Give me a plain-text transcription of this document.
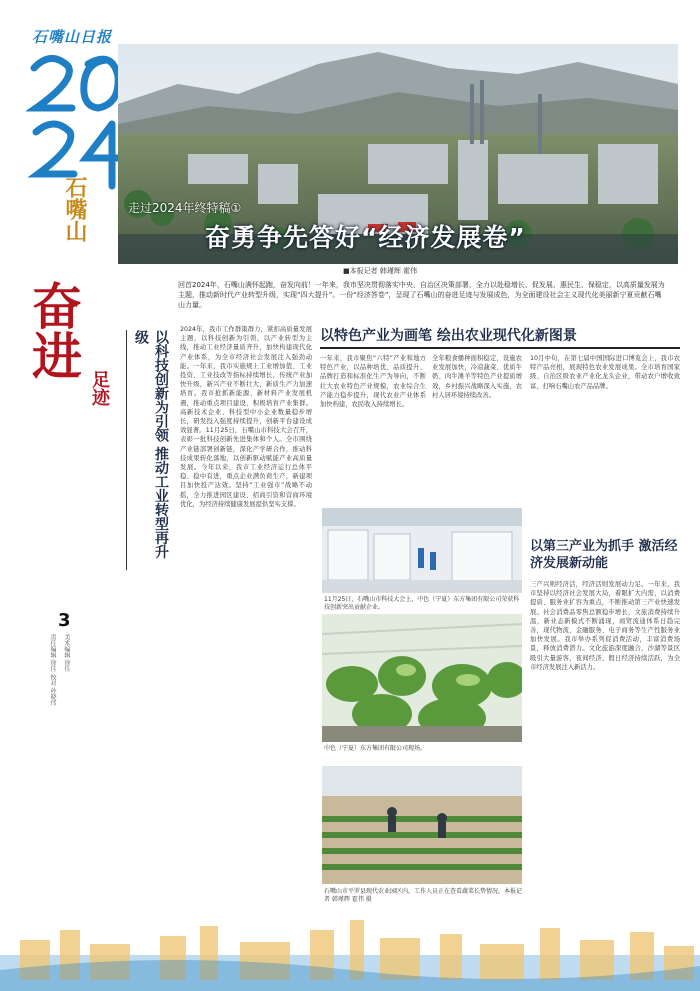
石嘴山日报
走过2024年终特稿①
奋勇争先答好“经济发展卷”
■本报记者 韩瑾辉 霍伟
石嘴山
奋进
足迹
3
责任编辑 徐佳 美术编辑 徐佳 校对 孙晓伟
回首2024年，石嘴山满怀起跑，奋发向前！一年来，我市坚决贯彻落实中央、自治区决策部署，全力以赴稳增长、促发展、惠民生、保稳定，以高质量发展为主题，推动新时代产业转型升级，实现“四大提升”。一份“经济答卷”，呈现了石嘴山的奋进足迹与发展成色，为全面建设社会主义现代化美丽新宁夏贡献石嘴山力量。
以科技创新为引领 推动工业转型再升级
2024年，我市工作群策群力，紧扣高质量发展主题，以科技创新为引领，以产业转型为主线，推动工业经济量质齐升，加快构建现代化产业体系，为全市经济社会发展注入强劲动能。一年来，我市实施规上工业增加值、工业投资、工业技改等指标持续增长，传统产业加快升级，新兴产业不断壮大，新质生产力加速培育。我市抢抓新能源、新材料产业发展机遇，推动重点项目建设，积极培育产业集群。高新技术企业、科技型中小企业数量稳步增长，研发投入强度持续提升，创新平台建设成效显著。11月25日，石嘴山市科技大会召开，表彰一批科技创新先进集体和个人。全市围绕产业链部署创新链，深化产学研合作，推动科技成果转化落地，以创新驱动赋能产业高质量发展。今年以来，我市工业经济运行总体平稳、稳中有进，重点企业满负荷生产，新建项目加快投产达效。坚持“工业强市”战略不动摇，全力推进园区建设、招商引资和营商环境优化，为经济持续健康发展提供坚实支撑。
以特色产业为画笔 绘出农业现代化新图景
一年来，我市聚焦“六特”产业和地方特色产业，以品种培优、品质提升、品牌打造和标准化生产为导向，不断壮大农业特色产业规模，农业综合生产能力稳步提升，现代农业产业体系加快构建，农民收入持续增长。
全年粮食播种面积稳定，设施农业发展加快，冷凉蔬菜、优质牛奶、肉牛滩羊等特色产业提质增效，乡村振兴战略深入实施，农村人居环境持续改善。
10月中旬，在第七届中国国际进口博览会上，我市农特产品亮相，展现特色农业发展成果。全市培育国家级、自治区级农业产业化龙头企业，带动农户增收致富，打响石嘴山农产品品牌。
以第三产业为抓手 激活经济发展新动能
三产兴则经济活，经济活则发展动力足。一年来，我市坚持以经济社会发展大局，着眼扩大内需，以消费提质、服务业扩容为重点，不断推动第三产业快速发展。社会消费品零售总额稳步增长，文旅消费持续升温，新业态新模式不断涌现，商贸流通体系日趋完善，现代物流、金融服务、电子商务等生产性服务业加快发展。我市举办系列促消费活动，丰富消费场景，释放消费潜力。文化旅游深度融合，沙湖等景区吸引大量游客，夜间经济、假日经济持续活跃，为全市经济发展注入新活力。
11月25日，石嘴山市科技大会上，中色（宁夏）东方集团有限公司荣获科技创新突出贡献企业。
中色（宁夏）东方集团有限公司现场。
石嘴山市平罗县现代农业园区内，工作人员正在查看蔬菜长势情况。本报记者 韩瑾辉 霍伟 摄
